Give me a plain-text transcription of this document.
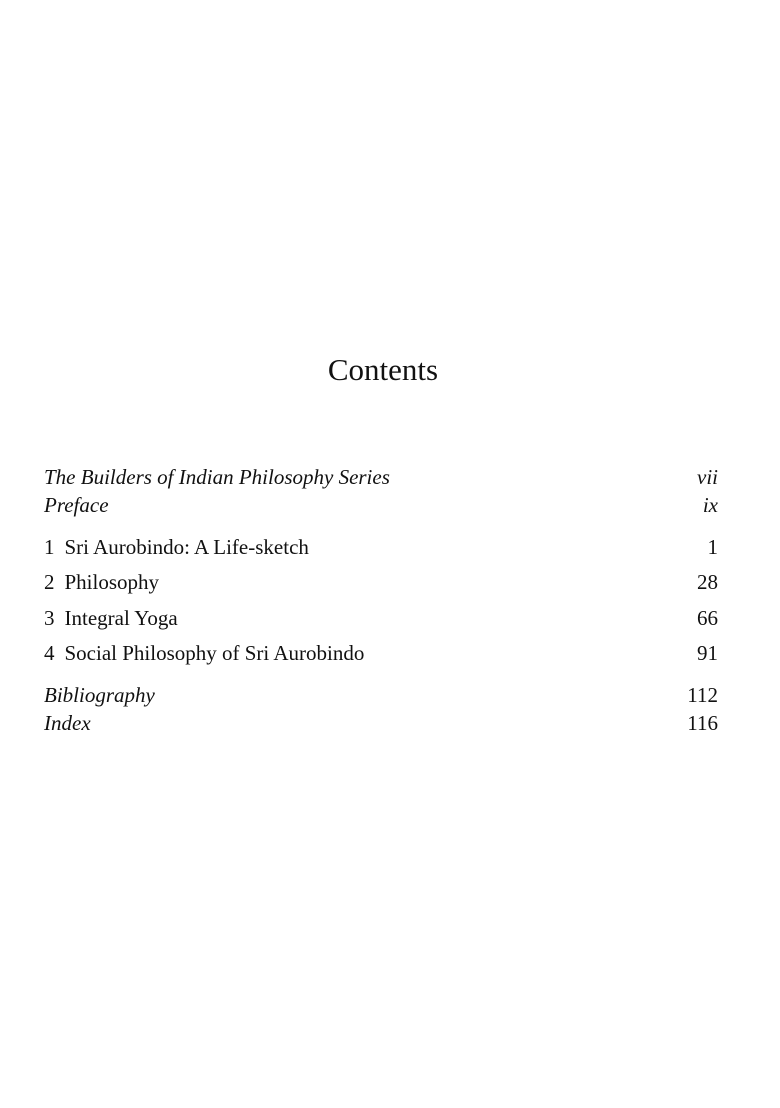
Contents
The Builders of Indian Philosophy Series	vii
Preface	ix
1 Sri Aurobindo: A Life-sketch	1
2 Philosophy	28
3 Integral Yoga	66
4 Social Philosophy of Sri Aurobindo	91
Bibliography	112
Index	116
